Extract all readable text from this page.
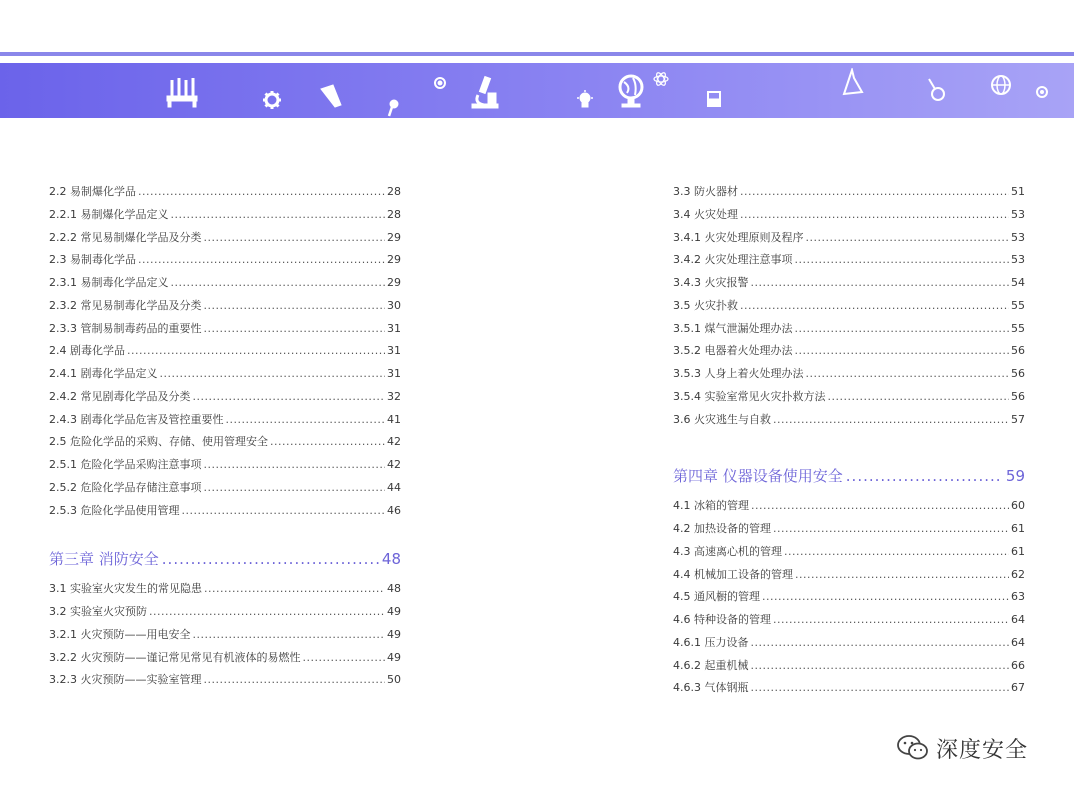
2.2 易制爆化学品 .....	28
2.2.1 易制爆化学品定义 .....	28
2.2.2 常见易制爆化学品及分类 .....	29
2.3 易制毒化学品 .....	29
2.3.1 易制毒化学品定义 .....	29
2.3.2 常见易制毒化学品及分类 .....	30
2.3.3 管制易制毒药品的重要性 .....	31
2.4 剧毒化学品 .....	31
2.4.1 剧毒化学品定义 .....	31
2.4.2 常见剧毒化学品及分类 .....	32
2.4.3 剧毒化学品危害及管控重要性 .....	41
2.5 危险化学品的采购、存储、使用管理安全 .....	42
2.5.1 危险化学品采购注意事项 .....	42
2.5.2 危险化学品存储注意事项 .....	44
2.5.3 危险化学品使用管理 .....	46
第三章 消防安全 .....	48
3.1 实验室火灾发生的常见隐患 .....	48
3.2 实验室火灾预防 .....	49
3.2.1 火灾预防——用电安全 .....	49
3.2.2 火灾预防——谨记常见常见有机液体的易燃性 .....	49
3.2.3 火灾预防——实验室管理 .....	50
3.3 防火器材 .....	51
3.4 火灾处理 .....	53
3.4.1 火灾处理原则及程序 .....	53
3.4.2 火灾处理注意事项 .....	53
3.4.3 火灾报警 .....	54
3.5 火灾扑救 .....	55
3.5.1 煤气泄漏处理办法 .....	55
3.5.2 电器着火处理办法 .....	56
3.5.3 人身上着火处理办法 .....	56
3.5.4 实验室常见火灾扑救方法 .....	56
3.6 火灾逃生与自救 .....	57
第四章 仪器设备使用安全 .....	59
4.1 冰箱的管理 .....	60
4.2 加热设备的管理 .....	61
4.3 高速离心机的管理 .....	61
4.4 机械加工设备的管理 .....	62
4.5 通风橱的管理 .....	63
4.6 特种设备的管理 .....	64
4.6.1 压力设备 .....	64
4.6.2 起重机械 .....	66
4.6.3 气体钢瓶 .....	67
深度安全
